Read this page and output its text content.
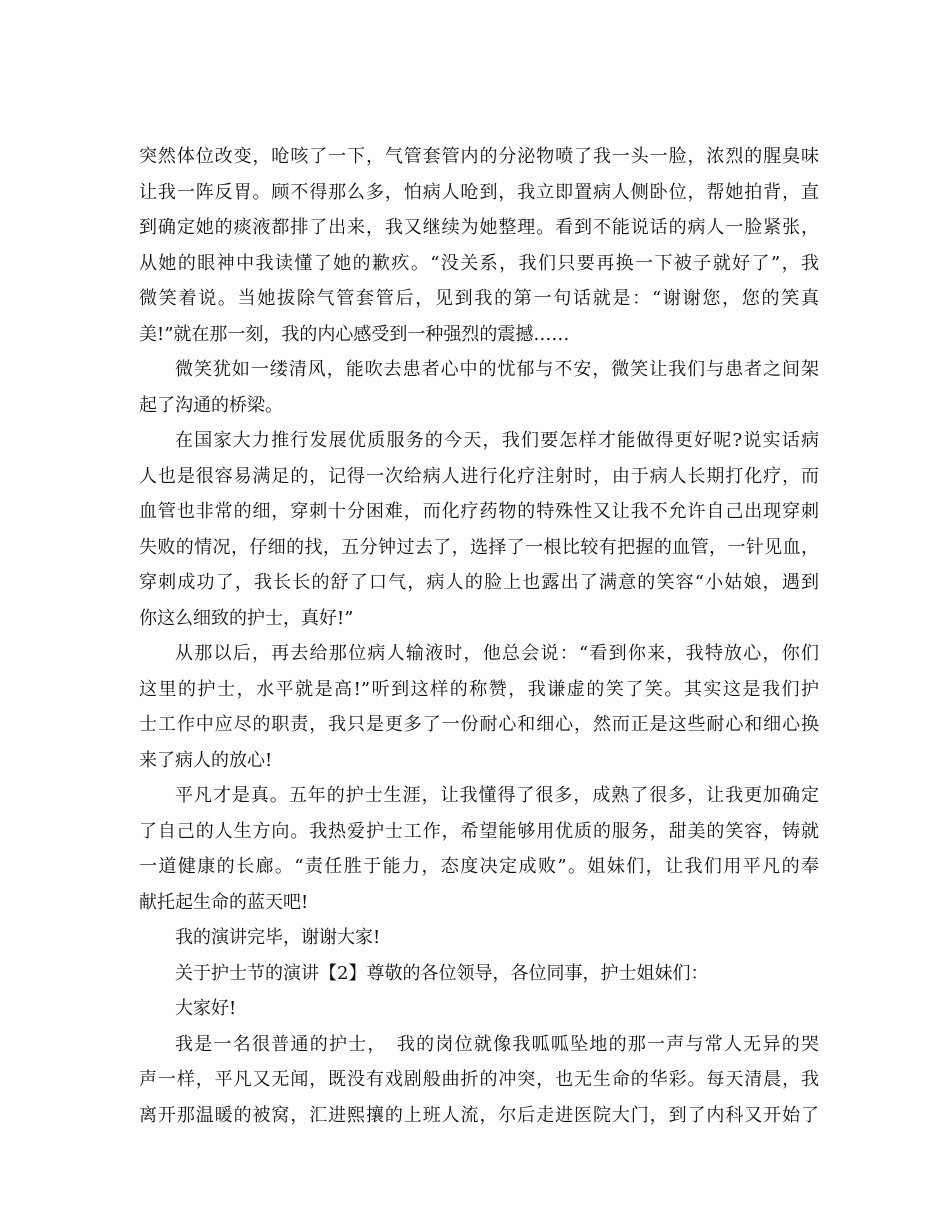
突然体位改变，呛咳了一下，气管套管内的分泌物喷了我一头一脸，浓烈的腥臭味
让我一阵反胃。顾不得那么多，怕病人呛到，我立即置病人侧卧位，帮她拍背，直
到确定她的痰液都排了出来，我又继续为她整理。看到不能说话的病人一脸紧张，
从她的眼神中我读懂了她的歉疚。“没关系，我们只要再换一下被子就好了”，我
微笑着说。当她拔除气管套管后，见到我的第一句话就是：“谢谢您，您的笑真
美!”就在那一刻，我的内心感受到一种强烈的震撼……
微笑犹如一缕清风，能吹去患者心中的忧郁与不安，微笑让我们与患者之间架
起了沟通的桥梁。
在国家大力推行发展优质服务的今天，我们要怎样才能做得更好呢?说实话病
人也是很容易满足的，记得一次给病人进行化疗注射时，由于病人长期打化疗，而
血管也非常的细，穿刺十分困难，而化疗药物的特殊性又让我不允许自己出现穿刺
失败的情况，仔细的找，五分钟过去了，选择了一根比较有把握的血管，一针见血，
穿刺成功了，我长长的舒了口气，病人的脸上也露出了满意的笑容“小姑娘，遇到
你这么细致的护士，真好!”
从那以后，再去给那位病人输液时，他总会说：“看到你来，我特放心，你们
这里的护士，水平就是高!”听到这样的称赞，我谦虚的笑了笑。其实这是我们护
士工作中应尽的职责，我只是更多了一份耐心和细心，然而正是这些耐心和细心换
来了病人的放心!
平凡才是真。五年的护士生涯，让我懂得了很多，成熟了很多，让我更加确定
了自己的人生方向。我热爱护士工作，希望能够用优质的服务，甜美的笑容，铸就
一道健康的长廊。“责任胜于能力，态度决定成败”。姐妹们，让我们用平凡的奉
献托起生命的蓝天吧!
我的演讲完毕，谢谢大家!
关于护士节的演讲【2】尊敬的各位领导，各位同事，护士姐妹们：
大家好!
我是一名很普通的护士，　我的岗位就像我呱呱坠地的那一声与常人无异的哭
声一样，平凡又无闻，既没有戏剧般曲折的冲突，也无生命的华彩。每天清晨，我
离开那温暖的被窝，汇进熙攘的上班人流，尔后走进医院大门，到了内科又开始了
